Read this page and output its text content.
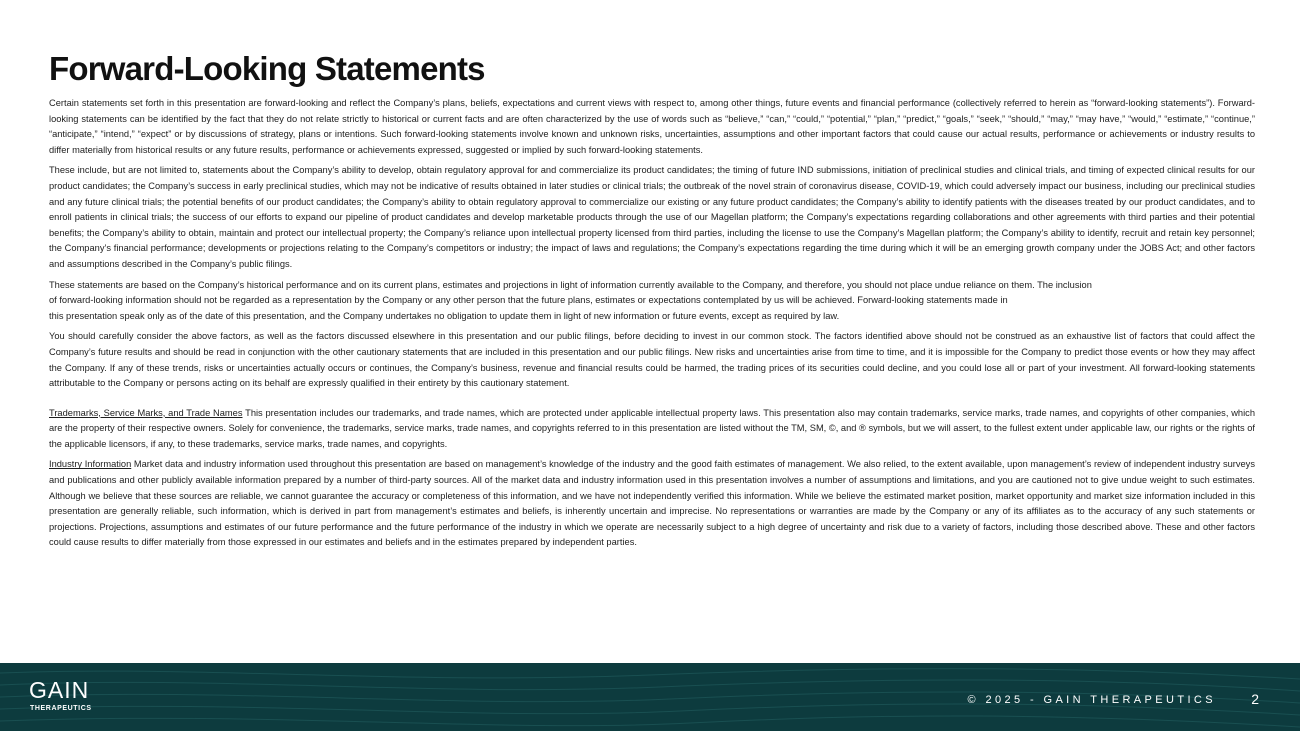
Forward-Looking Statements

Certain statements set forth in this presentation are forward-looking and reflect the Company’s plans, beliefs, expectations and current views with respect to, among other things, future events and financial performance (collectively referred to herein as “forward-looking statements”). Forward-looking statements can be identified by the fact that they do not relate strictly to historical or current facts and are often characterized by the use of words such as “believe,” “can,” “could,” “potential,” “plan,” “predict,” “goals,” “seek,” “should,” “may,” “may have,” “would,” “estimate,” “continue,” “anticipate,” “intend,” “expect” or by discussions of strategy, plans or intentions. Such forward-looking statements involve known and unknown risks, uncertainties, assumptions and other important factors that could cause our actual results, performance or achievements or industry results to differ materially from historical results or any future results, performance or achievements expressed, suggested or implied by such forward-looking statements.

These include, but are not limited to, statements about the Company’s ability to develop, obtain regulatory approval for and commercialize its product candidates; the timing of future IND submissions, initiation of preclinical studies and clinical trials, and timing of expected clinical results for our product candidates; the Company’s success in early preclinical studies, which may not be indicative of results obtained in later studies or clinical trials; the outbreak of the novel strain of coronavirus disease, COVID-19, which could adversely impact our business, including our preclinical studies and any future clinical trials; the potential benefits of our product candidates; the Company’s ability to obtain regulatory approval to commercialize our existing or any future product candidates; the Company’s ability to identify patients with the diseases treated by our product candidates, and to enroll patients in clinical trials; the success of our efforts to expand our pipeline of product candidates and develop marketable products through the use of our Magellan platform; the Company’s expectations regarding collaborations and other agreements with third parties and their potential benefits; the Company’s ability to obtain, maintain and protect our intellectual property; the Company’s reliance upon intellectual property licensed from third parties, including the license to use the Company’s Magellan platform; the Company’s ability to identify, recruit and retain key personnel; the Company’s financial performance; developments or projections relating to the Company’s competitors or industry; the impact of laws and regulations; the Company’s expectations regarding the time during which it will be an emerging growth company under the JOBS Act; and other factors and assumptions described in the Company’s public filings.

These statements are based on the Company’s historical performance and on its current plans, estimates and projections in light of information currently available to the Company, and therefore, you should not place undue reliance on them. The inclusion
of forward-looking information should not be regarded as a representation by the Company or any other person that the future plans, estimates or expectations contemplated by us will be achieved. Forward-looking statements made in
this presentation speak only as of the date of this presentation, and the Company undertakes no obligation to update them in light of new information or future events, except as required by law.

You should carefully consider the above factors, as well as the factors discussed elsewhere in this presentation and our public filings, before deciding to invest in our common stock. The factors identified above should not be construed as an exhaustive list of factors that could affect the Company’s future results and should be read in conjunction with the other cautionary statements that are included in this presentation and our public filings. New risks and uncertainties arise from time to time, and it is impossible for the Company to predict those events or how they may affect the Company. If any of these trends, risks or uncertainties actually occurs or continues, the Company’s business, revenue and financial results could be harmed, the trading prices of its securities could decline, and you could lose all or part of your investment. All forward-looking statements attributable to the Company or persons acting on its behalf are expressly qualified in their entirety by this cautionary statement.

Trademarks, Service Marks, and Trade Names This presentation includes our trademarks, and trade names, which are protected under applicable intellectual property laws. This presentation also may contain trademarks, service marks, trade names, and copyrights of other companies, which are the property of their respective owners. Solely for convenience, the trademarks, service marks, trade names, and copyrights referred to in this presentation are listed without the TM, SM, ©, and ® symbols, but we will assert, to the fullest extent under applicable law, our rights or the rights of the applicable licensors, if any, to these trademarks, service marks, trade names, and copyrights.

Industry Information Market data and industry information used throughout this presentation are based on management’s knowledge of the industry and the good faith estimates of management. We also relied, to the extent available, upon management’s review of independent industry surveys and publications and other publicly available information prepared by a number of third-party sources. All of the market data and industry information used in this presentation involves a number of assumptions and limitations, and you are cautioned not to give undue weight to such estimates. Although we believe that these sources are reliable, we cannot guarantee the accuracy or completeness of this information, and we have not independently verified this information. While we believe the estimated market position, market opportunity and market size information included in this presentation are generally reliable, such information, which is derived in part from management’s estimates and beliefs, is inherently uncertain and imprecise. No representations or warranties are made by the Company or any of its affiliates as to the accuracy of any such statements or projections. Projections, assumptions and estimates of our future performance and the future performance of the industry in which we operate are necessarily subject to a high degree of uncertainty and risk due to a variety of factors, including those described above. These and other factors could cause results to differ materially from those expressed in our estimates and beliefs and in the estimates prepared by independent parties.

GAIN
THERAPEUTICS
© 2025 - GAIN THERAPEUTICS	2
